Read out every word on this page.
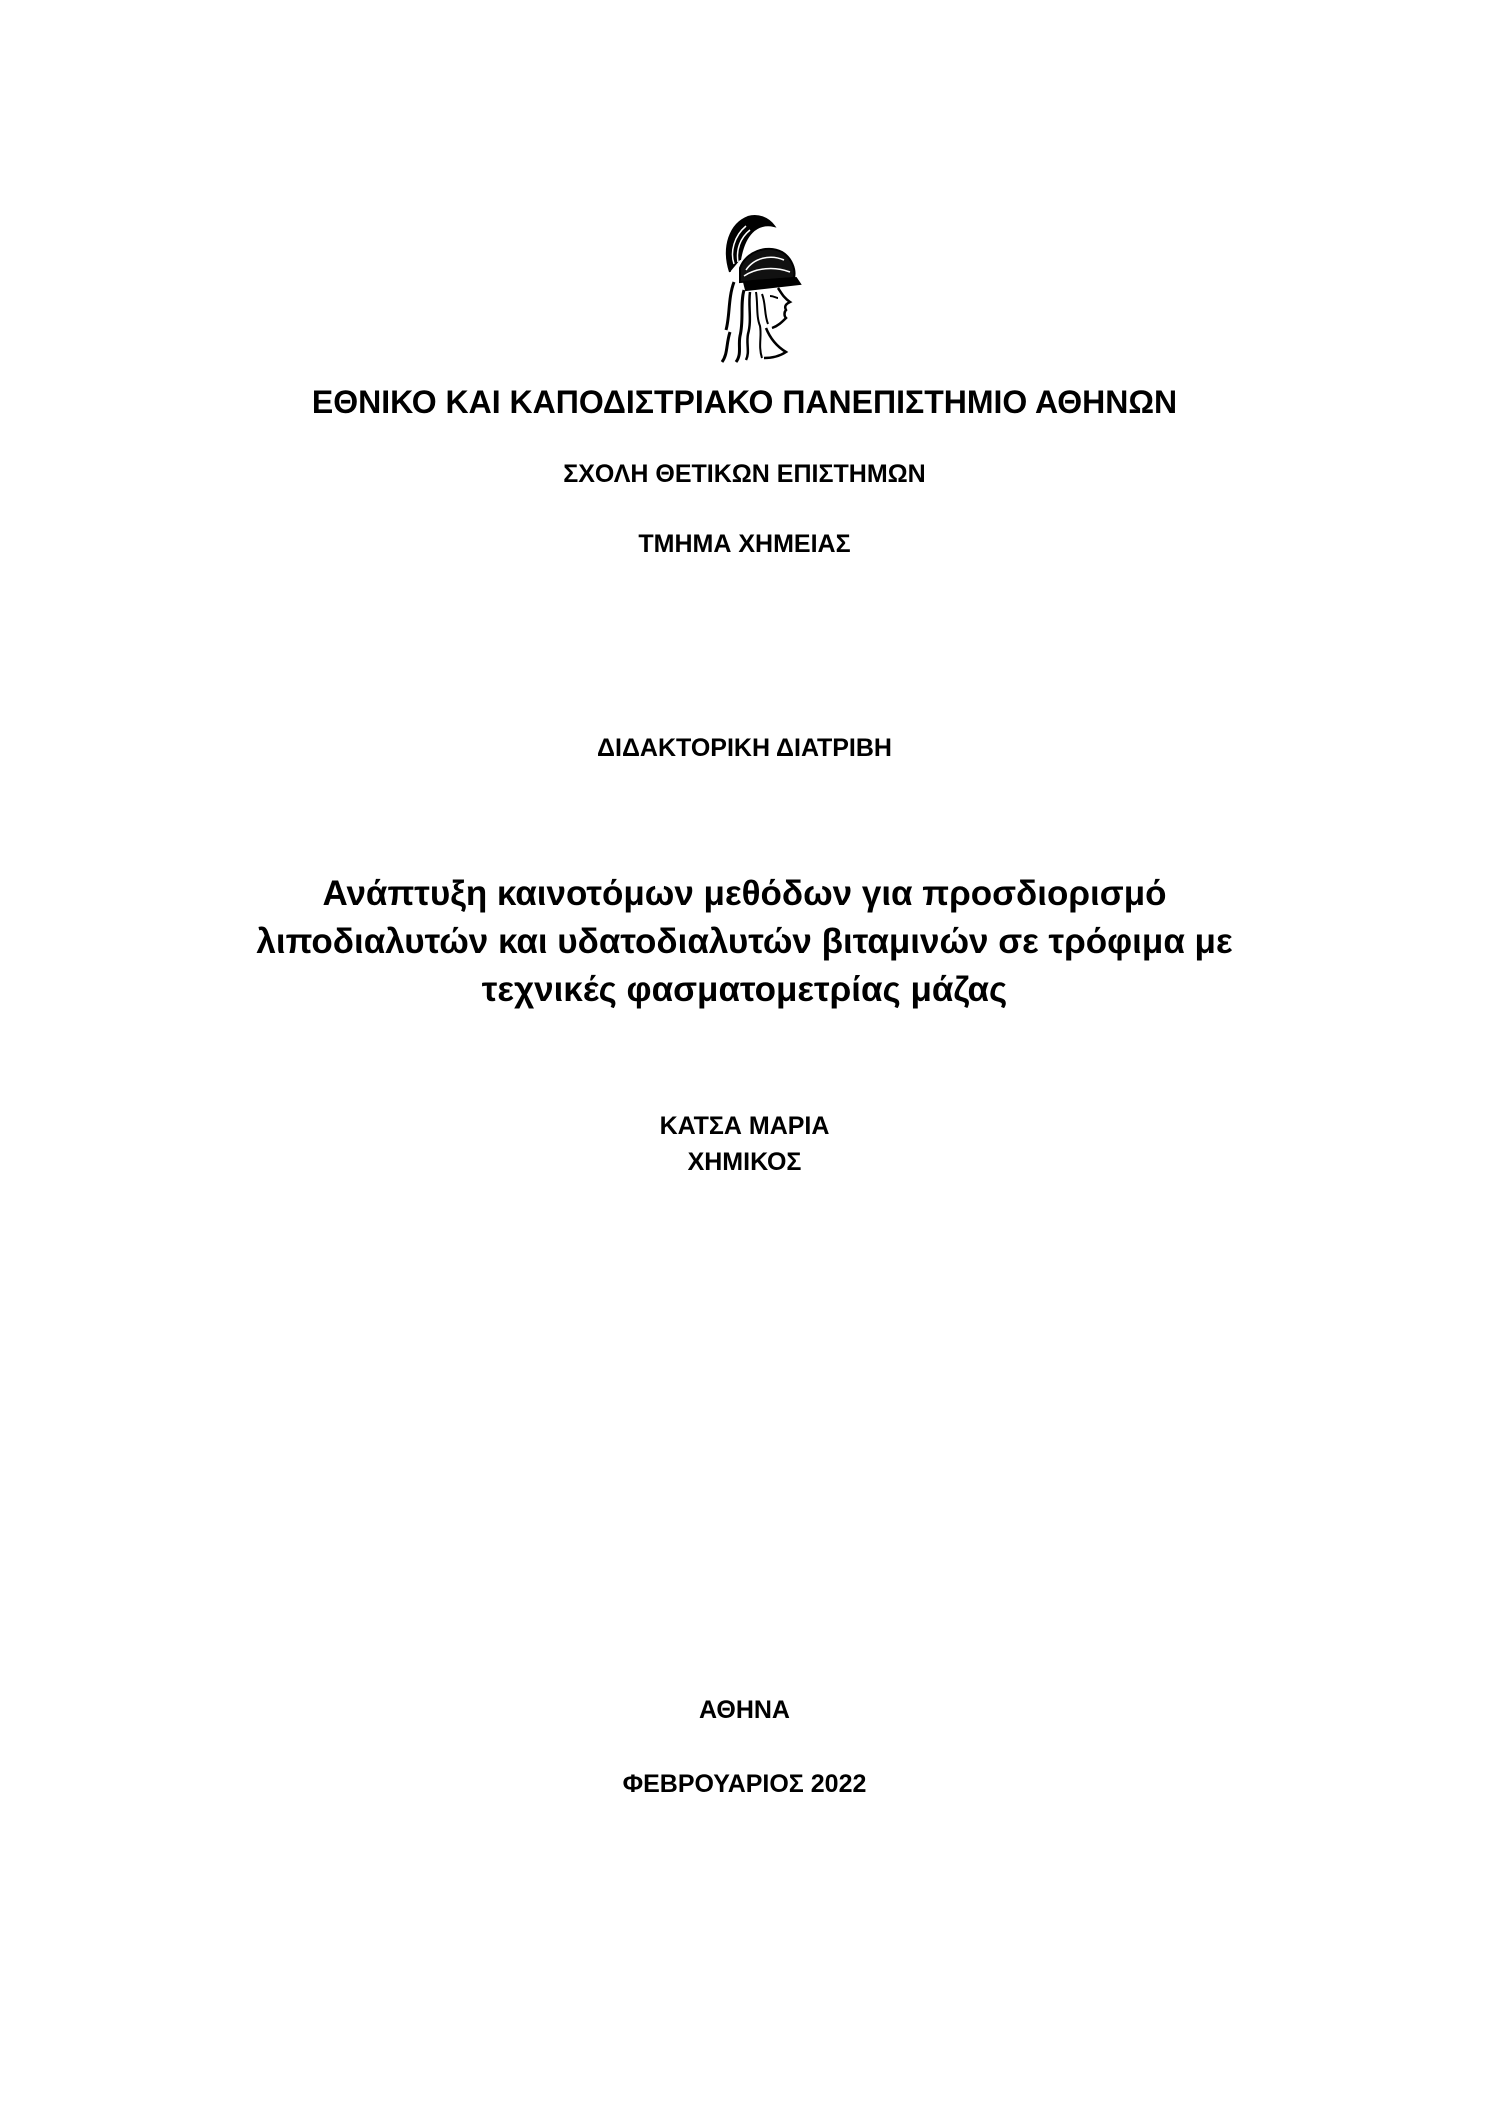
ΕΘΝΙΚΟ ΚΑΙ ΚΑΠΟΔΙΣΤΡΙΑΚΟ ΠΑΝΕΠΙΣΤΗΜΙΟ ΑΘΗΝΩΝ
ΣΧΟΛΗ ΘΕΤΙΚΩΝ ΕΠΙΣΤΗΜΩΝ
ΤΜΗΜΑ ΧΗΜΕΙΑΣ
ΔΙΔΑΚΤΟΡΙΚΗ ΔΙΑΤΡΙΒΗ
Ανάπτυξη καινοτόμων μεθόδων για προσδιορισμό
λιποδιαλυτών και υδατοδιαλυτών βιταμινών σε τρόφιμα με
τεχνικές φασματομετρίας μάζας
ΚΑΤΣΑ ΜΑΡΙΑ
ΧΗΜΙΚΟΣ
ΑΘΗΝΑ
ΦΕΒΡΟΥΑΡΙΟΣ 2022
